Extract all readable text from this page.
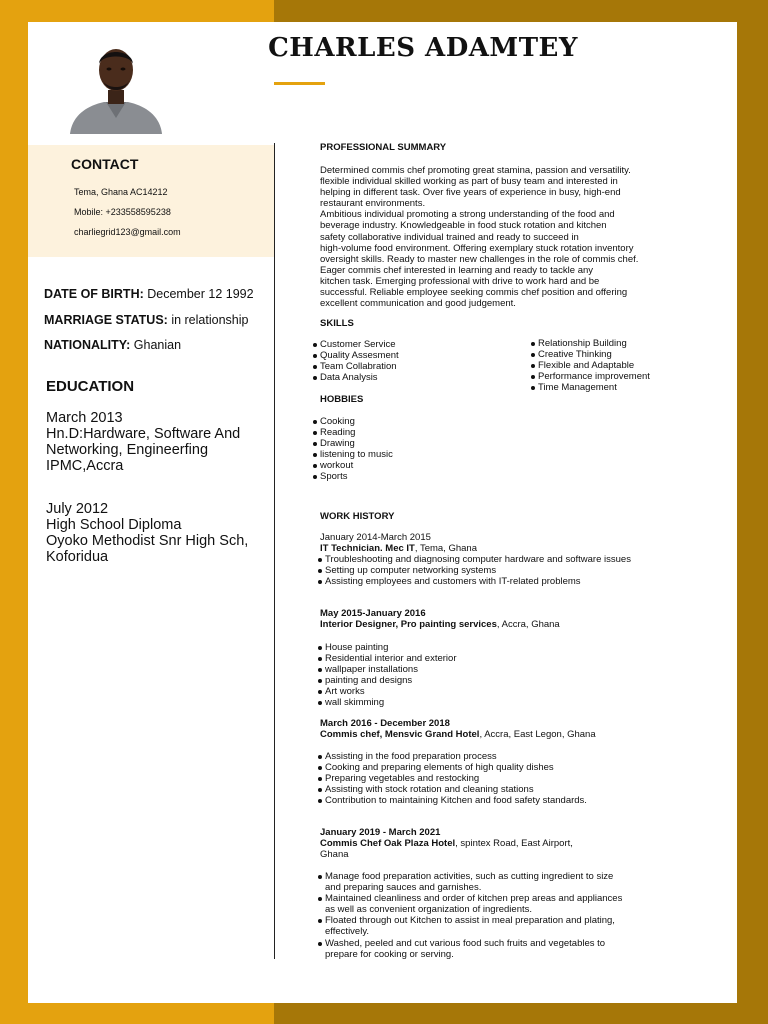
CHARLES ADAMTEY
CONTACT
Tema, Ghana AC14212
Mobile: +233558595238
charliegrid123@gmail.com
DATE OF BIRTH: December 12 1992
MARRIAGE STATUS: in relationship
NATIONALITY: Ghanian
EDUCATION
March 2013
Hn.D:Hardware, Software And
Networking, Engineerfing
IPMC,Accra
July 2012
High School Diploma
Oyoko Methodist Snr High Sch,
Koforidua
PROFESSIONAL SUMMARY
Determined commis chef promoting great stamina, passion and versatility.
flexible individual skilled working as part of busy team and interested in
helping in different task. Over five years of experience in busy, high-end
restaurant environments.
Ambitious individual promoting a strong understanding of the food and
beverage industry. Knowledgeable in food stuck rotation and kitchen
safety collaborative individual trained and ready to succeed in
high-volume food environment. Offering exemplary stuck rotation inventory
oversight skills. Ready to master new challenges in the role of commis chef.
Eager commis chef interested in learning and ready to tackle any
kitchen task. Emerging professional with drive to work hard and be
successful. Reliable employee seeking commis chef position and offering
excellent communication and good judgement.
SKILLS
Customer Service
Quality Assesment
Team Collabration
Data Analysis
Relationship Building
Creative Thinking
Flexible and Adaptable
Performance improvement
Time Management
HOBBIES
Cooking
Reading
Drawing
listening to music
workout
Sports
WORK HISTORY
January 2014-March 2015
IT Technician. Mec IT, Tema, Ghana
Troubleshooting and diagnosing computer hardware and software issues
Setting up computer networking systems
Assisting employees and customers with IT-related problems
May 2015-January 2016
Interior Designer, Pro painting services, Accra, Ghana
House painting
Residential interior and exterior
wallpaper installations
painting and designs
Art works
wall skimming
March 2016 - December 2018
Commis chef, Mensvic Grand Hotel, Accra, East Legon, Ghana
Assisting in the food preparation process
Cooking and preparing elements of high quality dishes
Preparing vegetables and restocking
Assisting with stock rotation and cleaning stations
Contribution to maintaining Kitchen and food safety standards.
January 2019 - March 2021
Commis Chef Oak Plaza Hotel, spintex Road, East Airport,
Ghana
Manage food preparation activities, such as cutting ingredient to size
and preparing sauces and garnishes.
Maintained cleanliness and order of kitchen prep areas and appliances
as well as convenient organization of ingredients.
Floated through out Kitchen to assist in meal preparation and plating,
effectively.
Washed, peeled and cut various food such fruits and vegetables to
prepare for cooking or serving.
